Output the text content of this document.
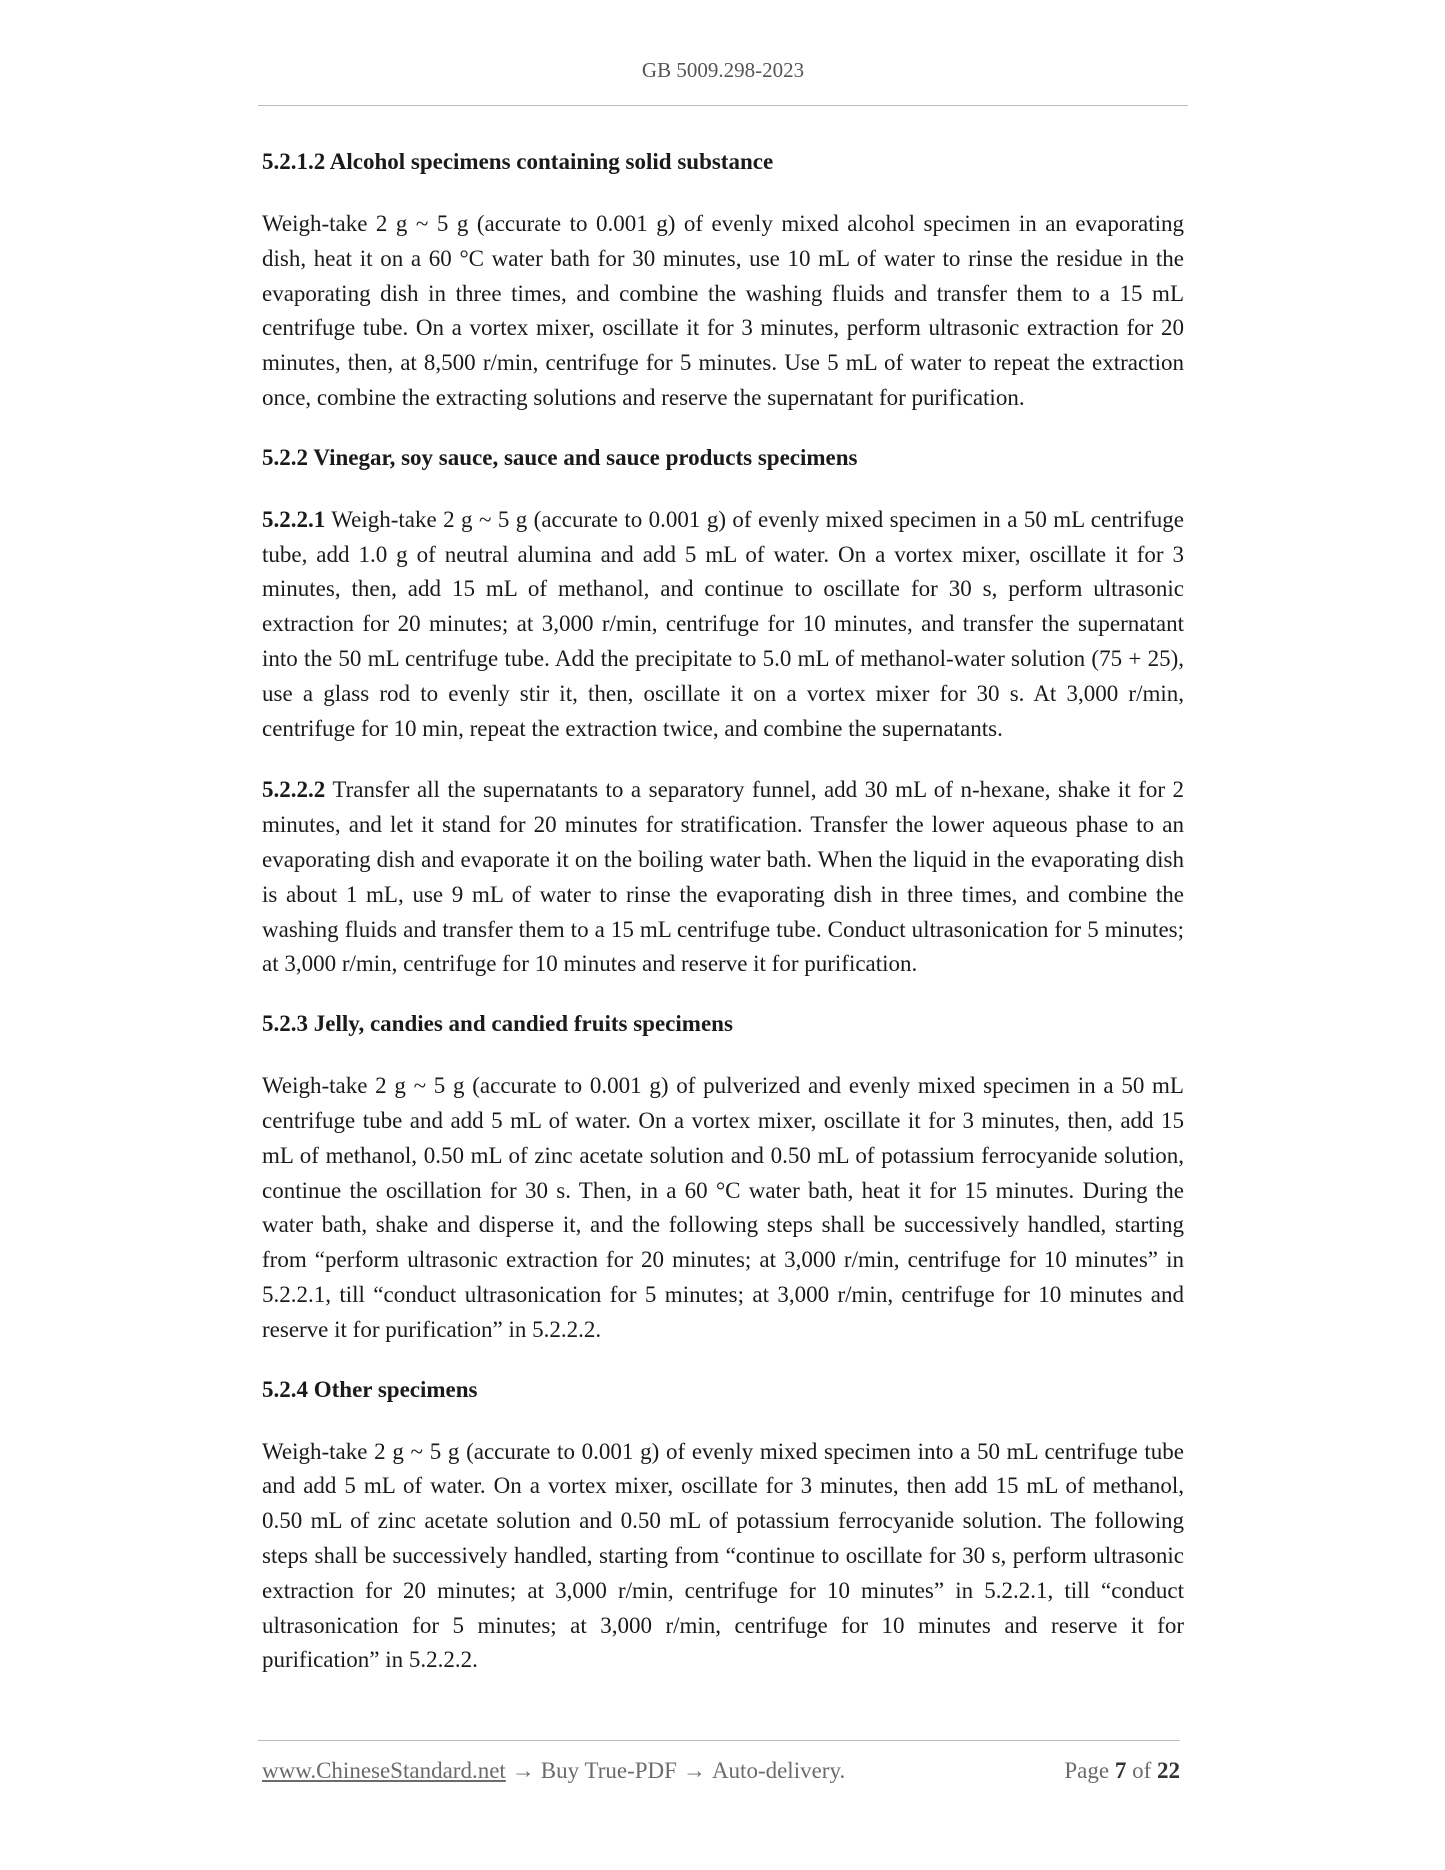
GB 5009.298-2023
5.2.1.2 Alcohol specimens containing solid substance
Weigh-take 2 g ~ 5 g (accurate to 0.001 g) of evenly mixed alcohol specimen in an evaporating dish, heat it on a 60 °C water bath for 30 minutes, use 10 mL of water to rinse the residue in the evaporating dish in three times, and combine the washing fluids and transfer them to a 15 mL centrifuge tube. On a vortex mixer, oscillate it for 3 minutes, perform ultrasonic extraction for 20 minutes, then, at 8,500 r/min, centrifuge for 5 minutes. Use 5 mL of water to repeat the extraction once, combine the extracting solutions and reserve the supernatant for purification.
5.2.2 Vinegar, soy sauce, sauce and sauce products specimens
5.2.2.1 Weigh-take 2 g ~ 5 g (accurate to 0.001 g) of evenly mixed specimen in a 50 mL centrifuge tube, add 1.0 g of neutral alumina and add 5 mL of water. On a vortex mixer, oscillate it for 3 minutes, then, add 15 mL of methanol, and continue to oscillate for 30 s, perform ultrasonic extraction for 20 minutes; at 3,000 r/min, centrifuge for 10 minutes, and transfer the supernatant into the 50 mL centrifuge tube. Add the precipitate to 5.0 mL of methanol-water solution (75 + 25), use a glass rod to evenly stir it, then, oscillate it on a vortex mixer for 30 s. At 3,000 r/min, centrifuge for 10 min, repeat the extraction twice, and combine the supernatants.
5.2.2.2 Transfer all the supernatants to a separatory funnel, add 30 mL of n-hexane, shake it for 2 minutes, and let it stand for 20 minutes for stratification. Transfer the lower aqueous phase to an evaporating dish and evaporate it on the boiling water bath. When the liquid in the evaporating dish is about 1 mL, use 9 mL of water to rinse the evaporating dish in three times, and combine the washing fluids and transfer them to a 15 mL centrifuge tube. Conduct ultrasonication for 5 minutes; at 3,000 r/min, centrifuge for 10 minutes and reserve it for purification.
5.2.3 Jelly, candies and candied fruits specimens
Weigh-take 2 g ~ 5 g (accurate to 0.001 g) of pulverized and evenly mixed specimen in a 50 mL centrifuge tube and add 5 mL of water. On a vortex mixer, oscillate it for 3 minutes, then, add 15 mL of methanol, 0.50 mL of zinc acetate solution and 0.50 mL of potassium ferrocyanide solution, continue the oscillation for 30 s. Then, in a 60 °C water bath, heat it for 15 minutes. During the water bath, shake and disperse it, and the following steps shall be successively handled, starting from “perform ultrasonic extraction for 20 minutes; at 3,000 r/min, centrifuge for 10 minutes” in 5.2.2.1, till “conduct ultrasonication for 5 minutes; at 3,000 r/min, centrifuge for 10 minutes and reserve it for purification” in 5.2.2.2.
5.2.4 Other specimens
Weigh-take 2 g ~ 5 g (accurate to 0.001 g) of evenly mixed specimen into a 50 mL centrifuge tube and add 5 mL of water. On a vortex mixer, oscillate for 3 minutes, then add 15 mL of methanol, 0.50 mL of zinc acetate solution and 0.50 mL of potassium ferrocyanide solution. The following steps shall be successively handled, starting from “continue to oscillate for 30 s, perform ultrasonic extraction for 20 minutes; at 3,000 r/min, centrifuge for 10 minutes” in 5.2.2.1, till “conduct ultrasonication for 5 minutes; at 3,000 r/min, centrifuge for 10 minutes and reserve it for purification” in 5.2.2.2.
www.ChineseStandard.net → Buy True-PDF → Auto-delivery.	Page 7 of 22
